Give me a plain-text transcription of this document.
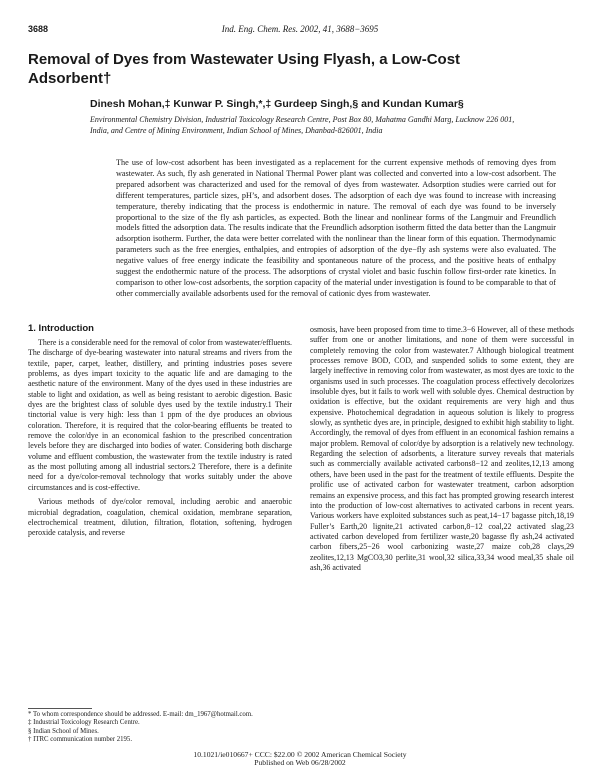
3688	Ind. Eng. Chem. Res. 2002, 41, 3688−3695
Removal of Dyes from Wastewater Using Flyash, a Low-Cost Adsorbent†
Dinesh Mohan,‡ Kunwar P. Singh,*,‡ Gurdeep Singh,§ and Kundan Kumar§
Environmental Chemistry Division, Industrial Toxicology Research Centre, Post Box 80, Mahatma Gandhi Marg, Lucknow 226 001, India, and Centre of Mining Environment, Indian School of Mines, Dhanbad-826001, India
The use of low-cost adsorbent has been investigated as a replacement for the current expensive methods of removing dyes from wastewater. As such, fly ash generated in National Thermal Power plant was collected and converted into a low-cost adsorbent. The prepared adsorbent was characterized and used for the removal of dyes from wastewater. Adsorption studies were carried out for different temperatures, particle sizes, pH’s, and adsorbent doses. The adsorption of each dye was found to increase with increasing temperature, thereby indicating that the process is endothermic in nature. The removal of each dye was found to be inversely proportional to the size of the fly ash particles, as expected. Both the linear and nonlinear forms of the Langmuir and Freundlich models fitted the adsorption data. The results indicate that the Freundlich adsorption isotherm fitted the data better than the Langmuir adsorption isotherm. Further, the data were better correlated with the nonlinear than the linear form of this equation. Thermodynamic parameters such as the free energies, enthalpies, and entropies of adsorption of the dye−fly ash systems were also evaluated. The negative values of free energy indicate the feasibility and spontaneous nature of the process, and the positive heats of enthalpy suggest the endothermic nature of the process. The adsorptions of crystal violet and basic fuschin follow first-order rate kinetics. In comparison to other low-cost adsorbents, the sorption capacity of the material under investigation is found to be comparable to that of other commercially available adsorbents used for the removal of cationic dyes from wastewater.
1. Introduction

There is a considerable need for the removal of color from wastewater/effluents. The discharge of dye-bearing wastewater into natural streams and rivers from the textile, paper, carpet, leather, distillery, and printing industries poses severe problems, as dyes impart toxicity to the aquatic life and are damaging to the aesthetic nature of the environment. Many of the dyes used in these industries are stable to light and oxidation, as well as being resistant to aerobic digestion. Basic dyes are the brightest class of soluble dyes used by the textile industry.1 Their tinctorial value is very high: less than 1 ppm of the dye produces an obvious coloration. Therefore, it is required that the color-bearing effluents be treated to remove the color/dye in an economical fashion to the prescribed concentration levels before they are discharged into bodies of water. Considering both discharge volume and effluent combustion, the wastewater from the textile industry is rated as the most polluting among all industrial sectors.2 Therefore, there is a definite need for a dye/color-removal technology that works suitably under the above circumstances and is cost-effective.

Various methods of dye/color removal, including aerobic and anaerobic microbial degradation, coagulation, chemical oxidation, membrane separation, electrochemical treatment, dilution, filtration, flotation, softening, hydrogen peroxide catalysis, and reverse

osmosis, have been proposed from time to time.3−6 However, all of these methods suffer from one or another limitations, and none of them were successful in completely removing the color from wastewater.7 Although biological treatment processes remove BOD, COD, and suspended solids to some extent, they are largely ineffective in removing color from wastewater, as most dyes are toxic to the organisms used in such processes. The coagulation process effectively decolorizes insoluble dyes, but it fails to work well with soluble dyes. Chemical destruction by oxidation is effective, but the oxidant requirements are very high and thus expensive. Photochemical degradation in aqueous solution is likely to progress slowly, as synthetic dyes are, in principle, designed to exhibit high stability to light. Accordingly, the removal of dyes from effluent in an economical fashion remains a major problem. Removal of color/dye by adsorption is a relatively new technology. Regarding the selection of adsorbents, a literature survey reveals that materials such as commercially available activated carbons8−12 and zeolites,12,13 among others, have been used in the past for the treatment of textile effluents. Despite the prolific use of activated carbon for wastewater treatment, carbon adsorption remains an expensive process, and this fact has prompted growing research interest into the production of low-cost alternatives to activated carbons in recent years. Various workers have exploited substances such as peat,14−17 bagasse pitch,18,19 Fuller’s Earth,20 lignite,21 activated carbon,8−12 coal,22 activated slag,23 activated carbon developed from fertilizer waste,20 bagasse fly ash,24 activated carbon fibers,25−26 wool carbonizing waste,27 maize cob,28 clays,29 zeolites,12,13 MgCO3,30 perlite,31 wool,32 silica,33,34 wood meal,35 shale oil ash,36 activated

* To whom correspondence should be addressed. E-mail: dm_1967@hotmail.com.
‡ Industrial Toxicology Research Centre.
§ Indian School of Mines.
† ITRC communication number 2195.
10.1021/ie010667+ CCC: $22.00 © 2002 American Chemical Society
Published on Web 06/28/2002
